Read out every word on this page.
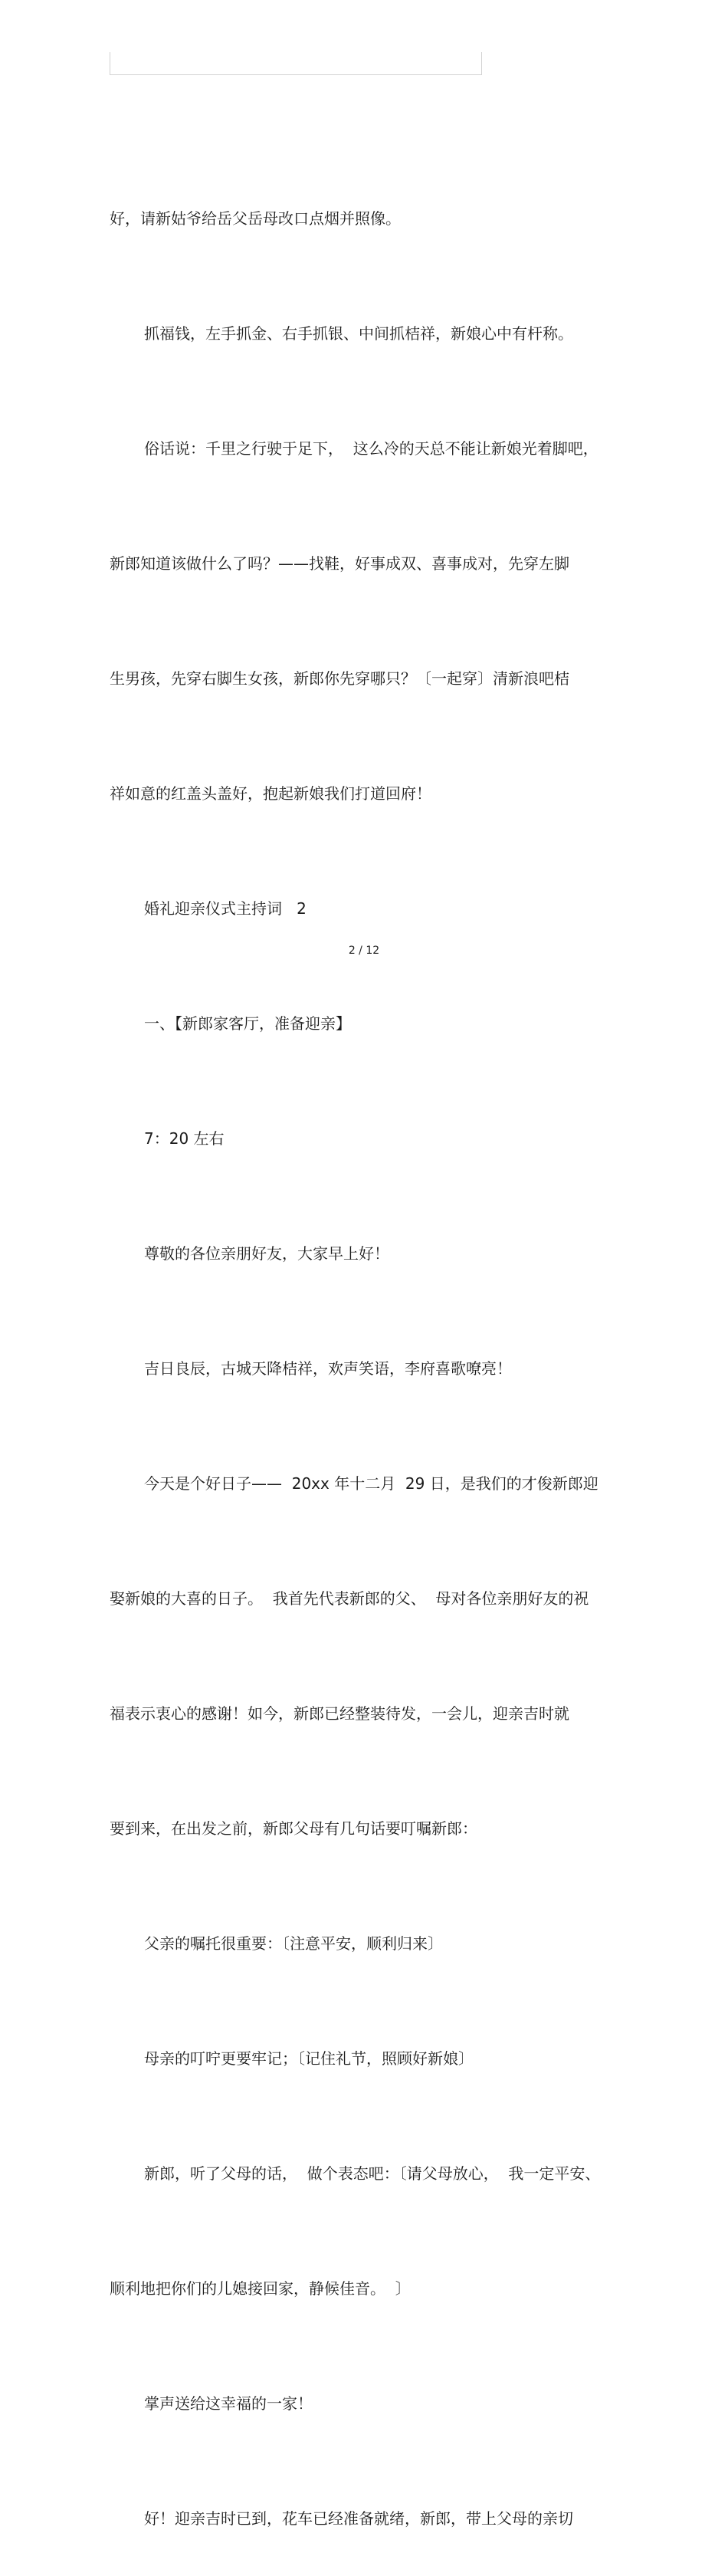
好，请新姑爷给岳父岳母改口点烟并照像。

抓福钱，左手抓金、右手抓银、中间抓桔祥，新娘心中有杆称。

俗话说：千里之行驶于足下，  这么冷的天总不能让新娘光着脚吧，

新郎知道该做什么了吗？——找鞋，好事成双、喜事成对，先穿左脚

生男孩，先穿右脚生女孩，新郎你先穿哪只？〔一起穿〕清新浪吧桔

祥如意的红盖头盖好，抱起新娘我们打道回府！

婚礼迎亲仪式主持词   2

一、【新郎家客厅，准备迎亲】

7：20 左右

尊敬的各位亲朋好友，大家早上好！

吉日良辰，古城天降桔祥，欢声笑语，李府喜歌嘹亮！

今天是个好日子——  20xx 年十二月  29 日，是我们的才俊新郎迎

娶新娘的大喜的日子。  我首先代表新郎的父、  母对各位亲朋好友的祝

福表示衷心的感谢！如今，新郎已经整装待发，一会儿，迎亲吉时就

要到来，在出发之前，新郎父母有几句话要叮嘱新郎：

父亲的嘱托很重要：〔注意平安，顺利归来〕

母亲的叮咛更要牢记；〔记住礼节，照顾好新娘〕

新郎，听了父母的话，  做个表态吧：〔请父母放心，  我一定平安、

顺利地把你们的儿媳接回家，静候佳音。  〕

掌声送给这幸福的一家！

好！迎亲吉时已到，花车已经准备就绪，新郎，带上父母的亲切

2 / 12
